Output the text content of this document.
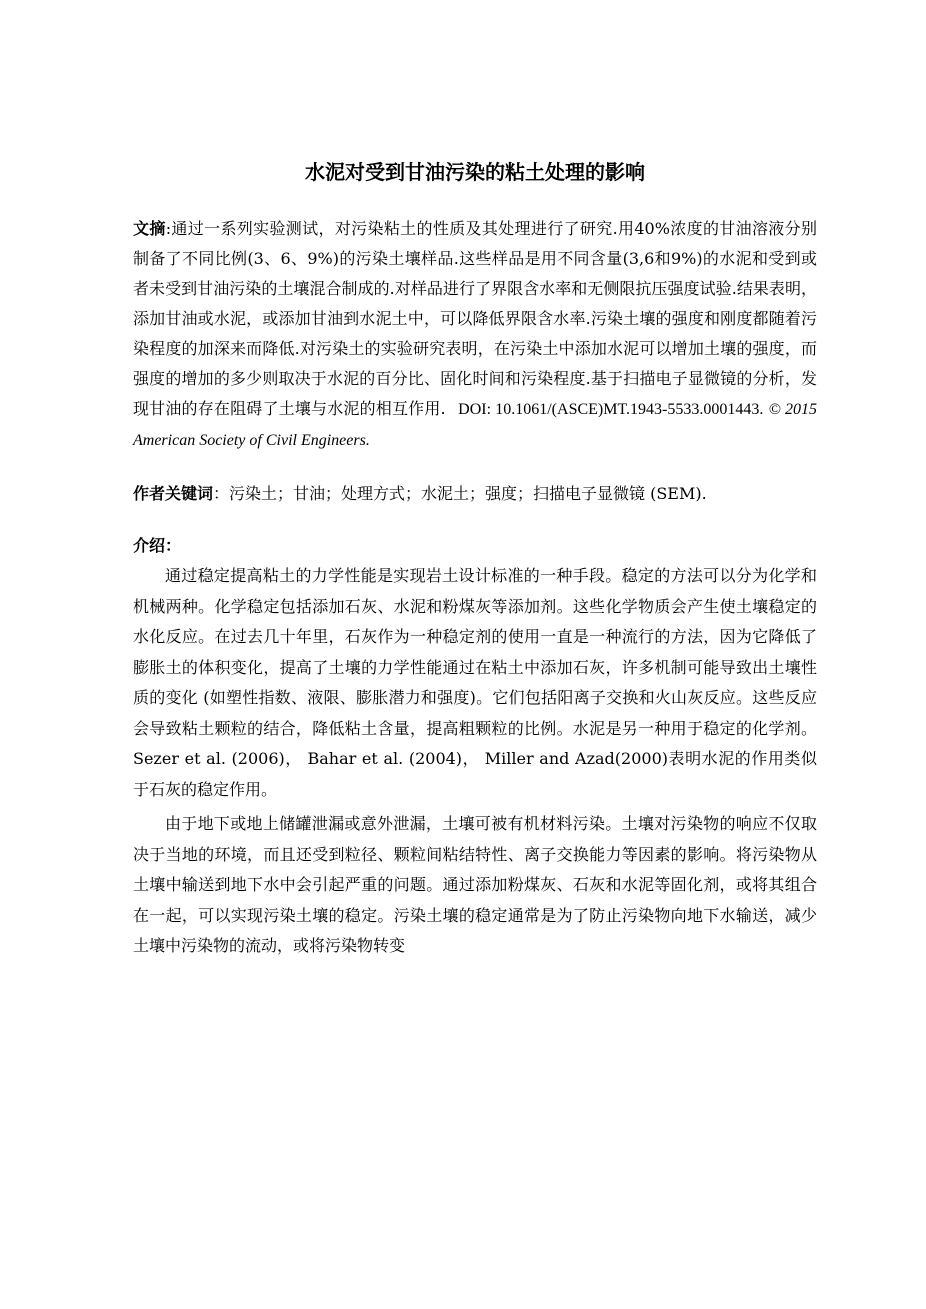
水泥对受到甘油污染的粘土处理的影响

文摘:通过一系列实验测试，对污染粘土的性质及其处理进行了研究.用40%浓度的甘油溶液分别制备了不同比例(3、6、9%)的污染土壤样品.这些样品是用不同含量(3,6和9%)的水泥和受到或者未受到甘油污染的土壤混合制成的.对样品进行了界限含水率和无侧限抗压强度试验.结果表明，添加甘油或水泥，或添加甘油到水泥土中，可以降低界限含水率.污染土壤的强度和刚度都随着污染程度的加深来而降低.对污染土的实验研究表明，在污染土中添加水泥可以增加土壤的强度，而强度的增加的多少则取决于水泥的百分比、固化时间和污染程度.基于扫描电子显微镜的分析，发现甘油的存在阻碍了土壤与水泥的相互作用. DOI: 10.1061/(ASCE)MT.1943-5533.0001443. © 2015 American Society of Civil Engineers.

作者关键词：污染土；甘油；处理方式；水泥土；强度；扫描电子显微镜 (SEM).

介绍：

通过稳定提高粘土的力学性能是实现岩土设计标准的一种手段。稳定的方法可以分为化学和机械两种。化学稳定包括添加石灰、水泥和粉煤灰等添加剂。这些化学物质会产生使土壤稳定的水化反应。在过去几十年里，石灰作为一种稳定剂的使用一直是一种流行的方法，因为它降低了膨胀土的体积变化，提高了土壤的力学性能通过在粘土中添加石灰，许多机制可能导致出土壤性质的变化 (如塑性指数、液限、膨胀潜力和强度)。它们包括阳离子交换和火山灰反应。这些反应会导致粘土颗粒的结合，降低粘土含量，提高粗颗粒的比例。水泥是另一种用于稳定的化学剂。Sezer et al. (2006)， Bahar et al. (2004)， Miller and Azad(2000)表明水泥的作用类似于石灰的稳定作用。

由于地下或地上储罐泄漏或意外泄漏，土壤可被有机材料污染。土壤对污染物的响应不仅取决于当地的环境，而且还受到粒径、颗粒间粘结特性、离子交换能力等因素的影响。将污染物从土壤中输送到地下水中会引起严重的问题。通过添加粉煤灰、石灰和水泥等固化剂，或将其组合在一起，可以实现污染土壤的稳定。污染土壤的稳定通常是为了防止污染物向地下水输送，减少土壤中污染物的流动，或将污染物转变
